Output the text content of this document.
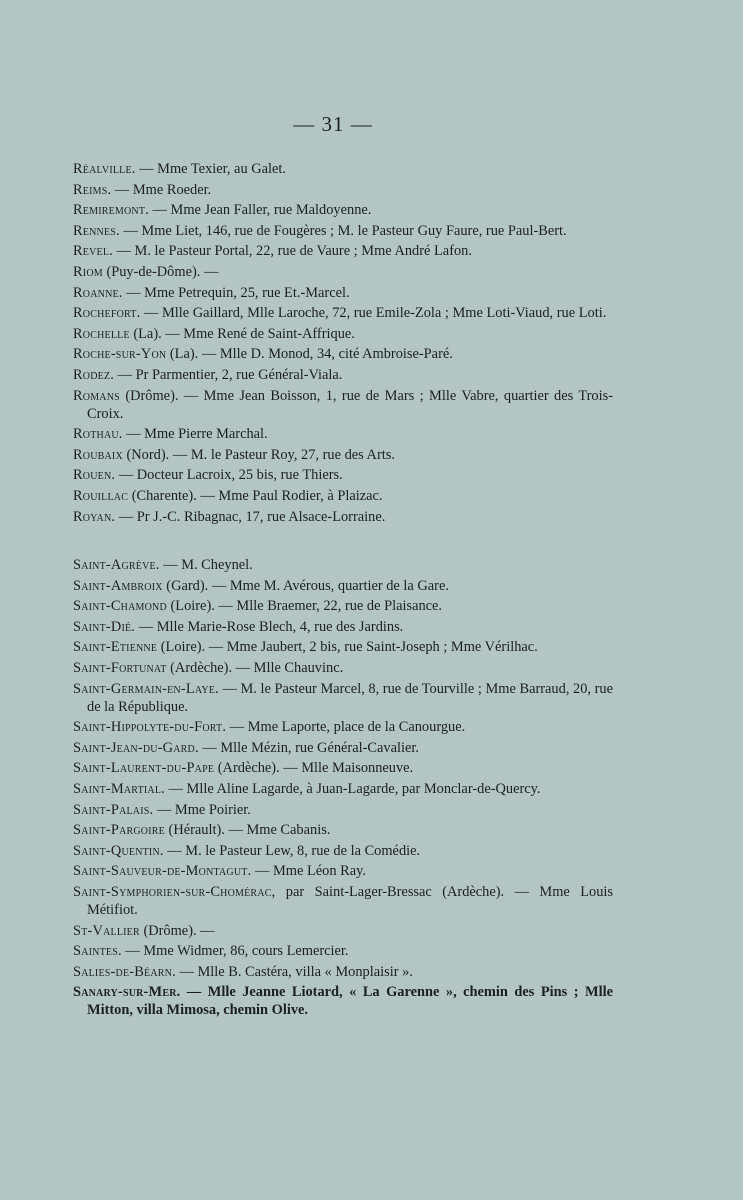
— 31 —

Réalville. — Mme Texier, au Galet.

Reims. — Mme Roeder.

Remiremont. — Mme Jean Faller, rue Maldoyenne.

Rennes. — Mme Liet, 146, rue de Fougères ; M. le Pasteur Guy Faure, rue Paul-Bert.

Revel. — M. le Pasteur Portal, 22, rue de Vaure ; Mme André Lafon.

Riom (Puy-de-Dôme). —

Roanne. — Mme Petrequin, 25, rue Et.-Marcel.

Rochefort. — Mlle Gaillard, Mlle Laroche, 72, rue Emile-Zola ; Mme Loti-Viaud, rue Loti.

Rochelle (La). — Mme René de Saint-Affrique.

Roche-sur-Yon (La). — Mlle D. Monod, 34, cité Ambroise-Paré.

Rodez. — Pr Parmentier, 2, rue Général-Viala.

Romans (Drôme). — Mme Jean Boisson, 1, rue de Mars ; Mlle Vabre, quartier des Trois-Croix.

Rothau. — Mme Pierre Marchal.

Roubaix (Nord). — M. le Pasteur Roy, 27, rue des Arts.

Rouen. — Docteur Lacroix, 25 bis, rue Thiers.

Rouillac (Charente). — Mme Paul Rodier, à Plaizac.

Royan. — Pr J.-C. Ribagnac, 17, rue Alsace-Lorraine.

Saint-Agrève. — M. Cheynel.

Saint-Ambroix (Gard). — Mme M. Avérous, quartier de la Gare.

Saint-Chamond (Loire). — Mlle Braemer, 22, rue de Plaisance.

Saint-Dié. — Mlle Marie-Rose Blech, 4, rue des Jardins.

Saint-Etienne (Loire). — Mme Jaubert, 2 bis, rue Saint-Joseph ; Mme Vérilhac.

Saint-Fortunat (Ardèche). — Mlle Chauvinc.

Saint-Germain-en-Laye. — M. le Pasteur Marcel, 8, rue de Tourville ; Mme Barraud, 20, rue de la République.

Saint-Hippolyte-du-Fort. — Mme Laporte, place de la Canourgue.

Saint-Jean-du-Gard. — Mlle Mézin, rue Général-Cavalier.

Saint-Laurent-du-Pape (Ardèche). — Mlle Maisonneuve.

Saint-Martial. — Mlle Aline Lagarde, à Juan-Lagarde, par Monclar-de-Quercy.

Saint-Palais. — Mme Poirier.

Saint-Pargoire (Hérault). — Mme Cabanis.

Saint-Quentin. — M. le Pasteur Lew, 8, rue de la Comédie.

Saint-Sauveur-de-Montagut. — Mme Léon Ray.

Saint-Symphorien-sur-Chomérac, par Saint-Lager-Bressac (Ardèche). — Mme Louis Métifiot.

St-Vallier (Drôme). —

Saintes. — Mme Widmer, 86, cours Lemercier.

Salies-de-Béarn. — Mlle B. Castéra, villa « Monplaisir ».

Sanary-sur-Mer. — Mlle Jeanne Liotard, « La Garenne », chemin des Pins ; Mlle Mitton, villa Mimosa, chemin Olive.
